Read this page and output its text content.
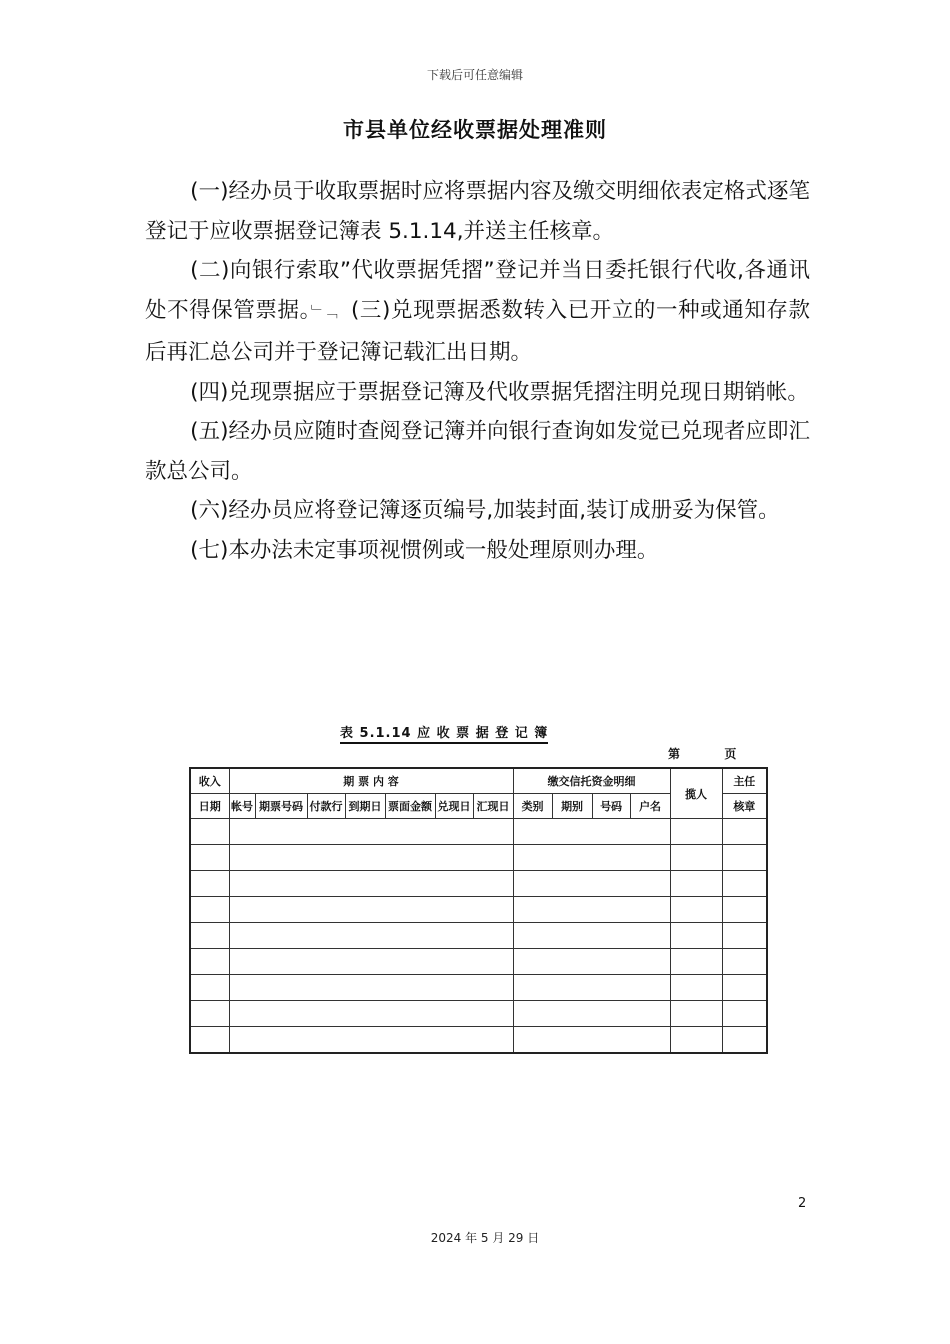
下载后可任意编辑
市县单位经收票据处理准则

(一)经办员于收取票据时应将票据内容及缴交明细依表定格式逐笔登记于应收票据登记簿表 5.1.14,并送主任核章。

(二)向银行索取”代收票据凭摺”登记并当日委托银行代收,各通讯处不得保管票据。﹂﹁ (三)兑现票据悉数转入已开立的一种或通知存款后再汇总公司并于登记簿记载汇出日期。

(四)兑现票据应于票据登记簿及代收票据凭摺注明兑现日期销帐。

(五)经办员应随时查阅登记簿并向银行查询如发觉已兑现者应即汇款总公司。

(六)经办员应将登记簿逐页编号,加装封面,装订成册妥为保管。

(七)本办法未定事项视惯例或一般处理原则办理。

表 5.1.14 应 收 票 据 登 记 簿
第	页
收入	期 票 内 容							缴交信托资金明细				揽人	主任
日期	帐号	期票号码	付款行	到期日	票面金额	兑现日	汇现日	类别	期别	号码	户名		核章

2
2024 年 5 月 29 日
